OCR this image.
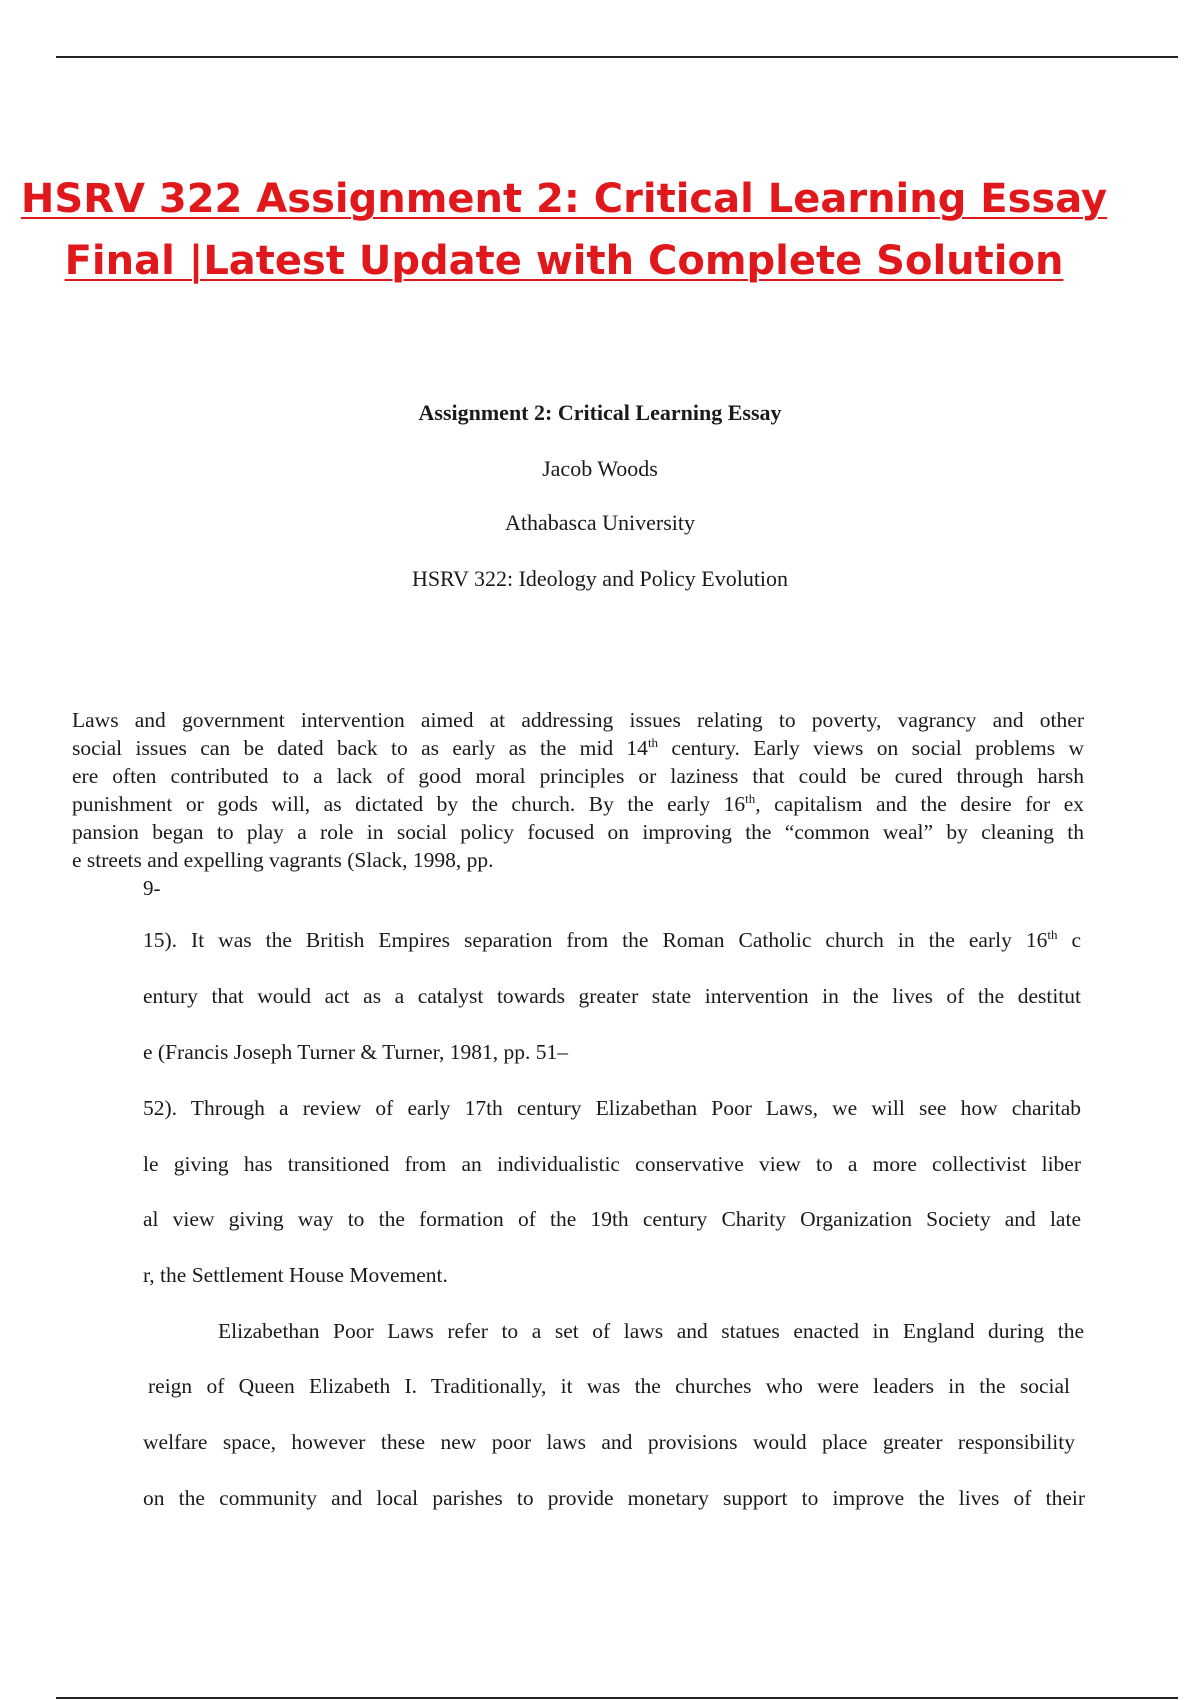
HSRV 322 Assignment 2: Critical Learning Essay
Final |Latest Update with Complete Solution
Assignment 2: Critical Learning Essay
Jacob Woods
Athabasca University
HSRV 322: Ideology and Policy Evolution
Laws and government intervention aimed at addressing issues relating to poverty, vagrancy and other
social issues can be dated back to as early as the mid 14th century. Early views on social problems w
ere often contributed to a lack of good moral principles or laziness that could be cured through harsh
punishment or gods will, as dictated by the church. By the early 16th, capitalism and the desire for ex
pansion began to play a role in social policy focused on improving the “common weal” by cleaning th
e streets and expelling vagrants (Slack, 1998, pp.
9-
15). It was the British Empires separation from the Roman Catholic church in the early 16th c
entury that would act as a catalyst towards greater state intervention in the lives of the destitut
e (Francis Joseph Turner & Turner, 1981, pp. 51–
52). Through a review of early 17th century Elizabethan Poor Laws, we will see how charitab
le giving has transitioned from an individualistic conservative view to a more collectivist liber
al view giving way to the formation of the 19th century Charity Organization Society and late
r, the Settlement House Movement.
Elizabethan Poor Laws refer to a set of laws and statues enacted in England during the
reign of Queen Elizabeth I. Traditionally, it was the churches who were leaders in the social
welfare space, however these new poor laws and provisions would place greater responsibility
on the community and local parishes to provide monetary support to improve the lives of their
